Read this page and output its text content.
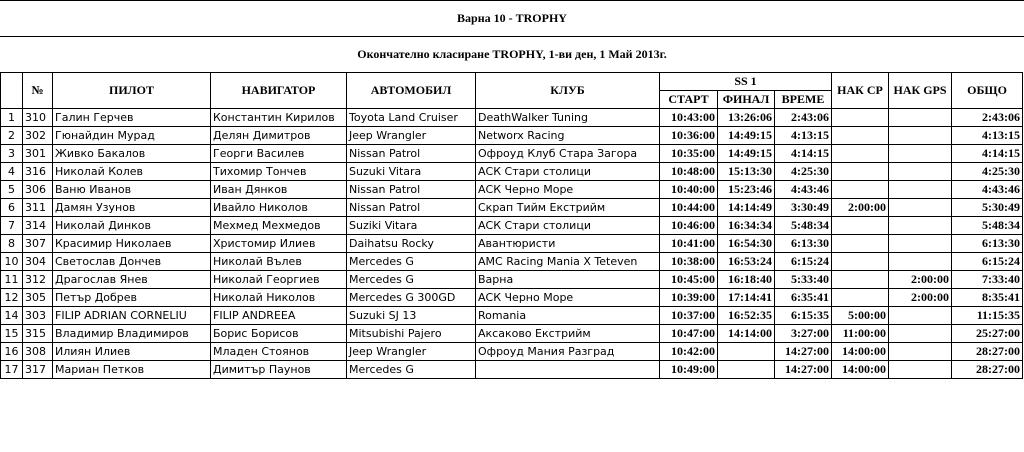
Варна 10 - TROPHY
Окончателно класиране TROPHY, 1-ви ден, 1 Май 2013г.
	№	ПИЛОТ	НАВИГАТОР	АВТОМОБИЛ	КЛУБ	SS 1			НАК CP	НАК GPS	ОБЩО
						СТАРТ	ФИНАЛ	ВРЕМЕ			
1	310	Галин Герчев	Константин Кирилов	Toyota Land Cruiser	DeathWalker Tuning	10:43:00	13:26:06	2:43:06			2:43:06
2	302	Гюнайдин Мурад	Делян Димитров	Jeep Wrangler	Networx Racing	10:36:00	14:49:15	4:13:15			4:13:15
3	301	Живко Бакалов	Георги Василев	Nissan Patrol	Офроуд Клуб Стара Загора	10:35:00	14:49:15	4:14:15			4:14:15
4	316	Николай Колев	Тихомир Тончев	Suzuki Vitara	АСК Стари столици	10:48:00	15:13:30	4:25:30			4:25:30
5	306	Ваню Иванов	Иван Дянков	Nissan Patrol	АСК Черно Море	10:40:00	15:23:46	4:43:46			4:43:46
6	311	Дамян Узунов	Ивайло Николов	Nissan Patrol	Скрап Тийм Екстрийм	10:44:00	14:14:49	3:30:49	2:00:00		5:30:49
7	314	Николай Динков	Мехмед Мехмедов	Suziki Vitara	АСК Стари столици	10:46:00	16:34:34	5:48:34			5:48:34
8	307	Красимир Николаев	Христомир Илиев	Daihatsu Rocky	Авантюристи	10:41:00	16:54:30	6:13:30			6:13:30
10	304	Светослав Дончев	Николай Вълев	Mercedes G	AMC Racing Mania X Teteven	10:38:00	16:53:24	6:15:24			6:15:24
11	312	Драгослав Янев	Николай Георгиев	Mercedes G	Варна	10:45:00	16:18:40	5:33:40		2:00:00	7:33:40
12	305	Петър Добрев	Николай Николов	Mercedes G 300GD	АСК Черно Море	10:39:00	17:14:41	6:35:41		2:00:00	8:35:41
14	303	FILIP ADRIAN CORNELIU	FILIP ANDREEA	Suzuki SJ 13	Romania	10:37:00	16:52:35	6:15:35	5:00:00		11:15:35
15	315	Владимир Владимиров	Борис Борисов	Mitsubishi Pajero	Аксаково Екстрийм	10:47:00	14:14:00	3:27:00	11:00:00		25:27:00
16	308	Илиян Илиев	Младен Стоянов	Jeep Wrangler	Офроуд Мания Разград	10:42:00		14:27:00	14:00:00		28:27:00
17	317	Мариан Петков	Димитър Паунов	Mercedes G		10:49:00		14:27:00	14:00:00		28:27:00
